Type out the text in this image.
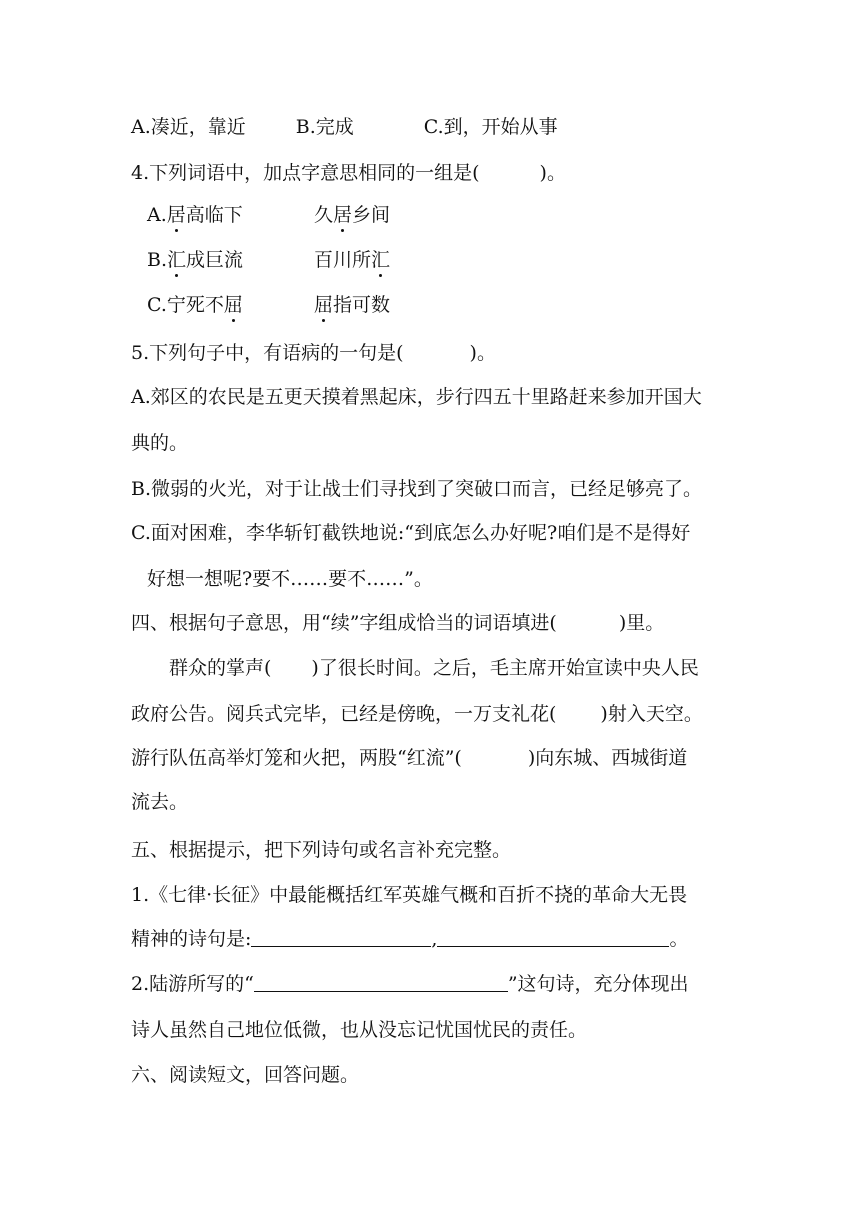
A.凑近，靠近	B.完成	C.到，开始从事
4.下列词语中，加点字意思相同的一组是(	)。
A.居高临下	久居乡间
B.汇成巨流	百川所汇
C.宁死不屈	屈指可数
5.下列句子中，有语病的一句是(	)。
A.郊区的农民是五更天摸着黑起床，步行四五十里路赶来参加开国大
典的。
B.微弱的火光，对于让战士们寻找到了突破口而言，已经足够亮了。
C.面对困难，李华斩钉截铁地说:“到底怎么办好呢?咱们是不是得好
好想一想呢?要不……要不……”。
四、根据句子意思，用“续”字组成恰当的词语填进(	)里。
群众的掌声( )了很长时间。之后，毛主席开始宣读中央人民
政府公告。阅兵式完毕，已经是傍晚，一万支礼花( )射入天空。
游行队伍高举灯笼和火把，两股“红流”(	)向东城、西城街道
流去。
五、根据提示，把下列诗句或名言补充完整。
1.《七律·长征》中最能概括红军英雄气概和百折不挠的革命大无畏
精神的诗句是:	,	。
2.陆游所写的“	”这句诗，充分体现出
诗人虽然自己地位低微，也从没忘记忧国忧民的责任。
六、阅读短文，回答问题。
